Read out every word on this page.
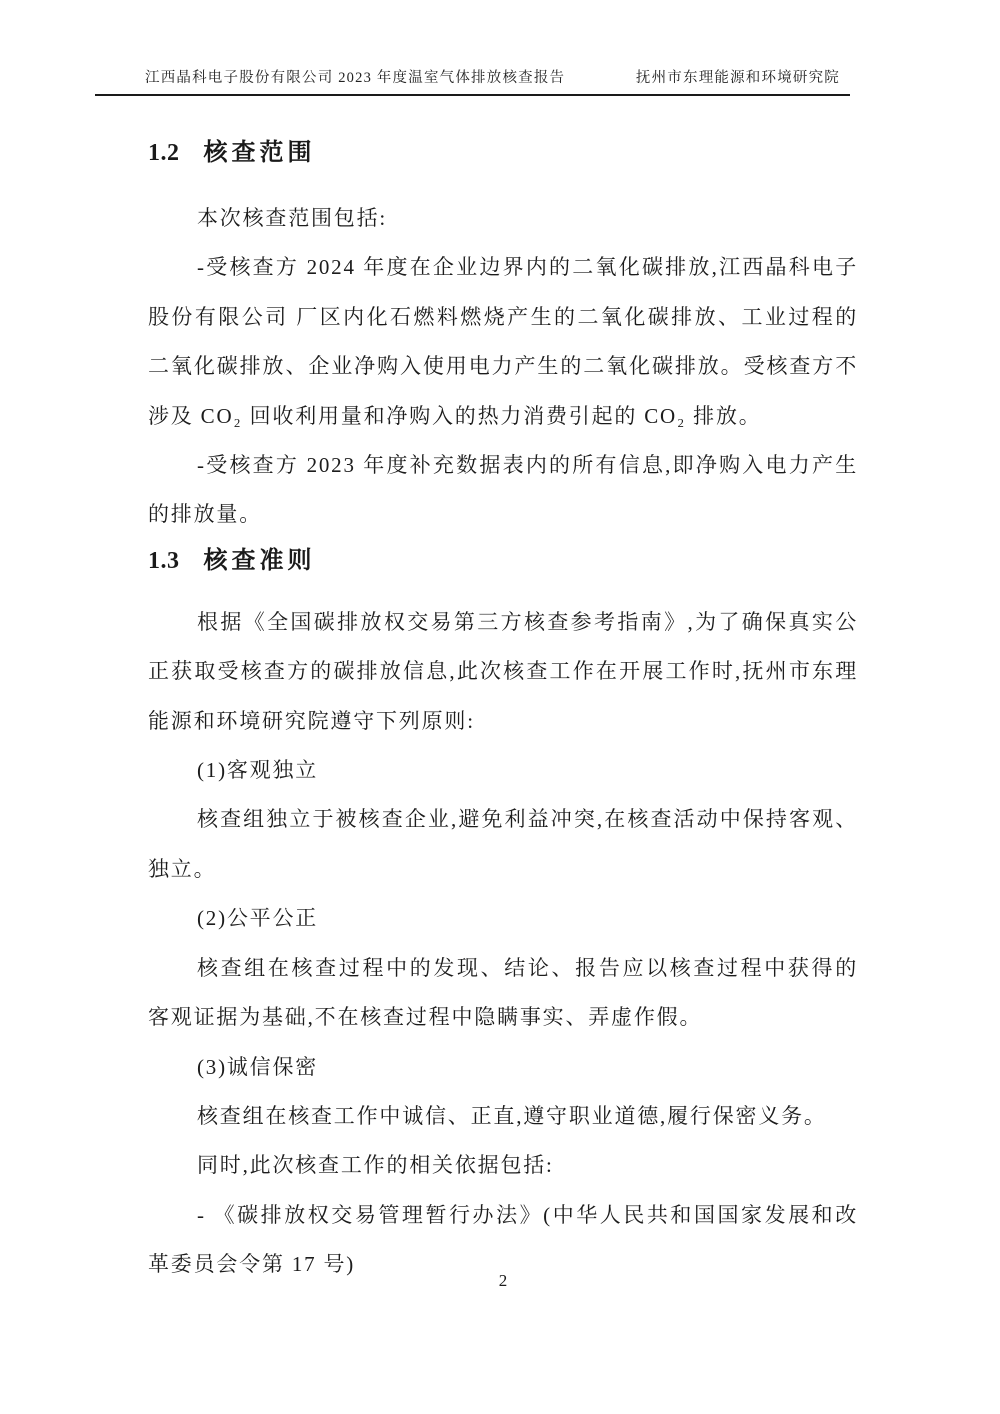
江西晶科电子股份有限公司 2023 年度温室气体排放核查报告	抚州市东理能源和环境研究院
1.2 核查范围

本次核查范围包括:

-受核查方 2024 年度在企业边界内的二氧化碳排放,江西晶科电子股份有限公司 厂区内化石燃料燃烧产生的二氧化碳排放、工业过程的二氧化碳排放、企业净购入使用电力产生的二氧化碳排放。受核查方不涉及 CO₂ 回收利用量和净购入的热力消费引起的 CO₂ 排放。

-受核查方 2023 年度补充数据表内的所有信息,即净购入电力产生的排放量。

1.3 核查准则

根据《全国碳排放权交易第三方核查参考指南》,为了确保真实公正获取受核查方的碳排放信息,此次核查工作在开展工作时,抚州市东理能源和环境研究院遵守下列原则:

(1)客观独立

核查组独立于被核查企业,避免利益冲突,在核查活动中保持客观、独立。

(2)公平公正

核查组在核查过程中的发现、结论、报告应以核查过程中获得的客观证据为基础,不在核查过程中隐瞒事实、弄虚作假。

(3)诚信保密

核查组在核查工作中诚信、正直,遵守职业道德,履行保密义务。

同时,此次核查工作的相关依据包括:

- 《碳排放权交易管理暂行办法》(中华人民共和国国家发展和改革委员会令第 17 号)

2
